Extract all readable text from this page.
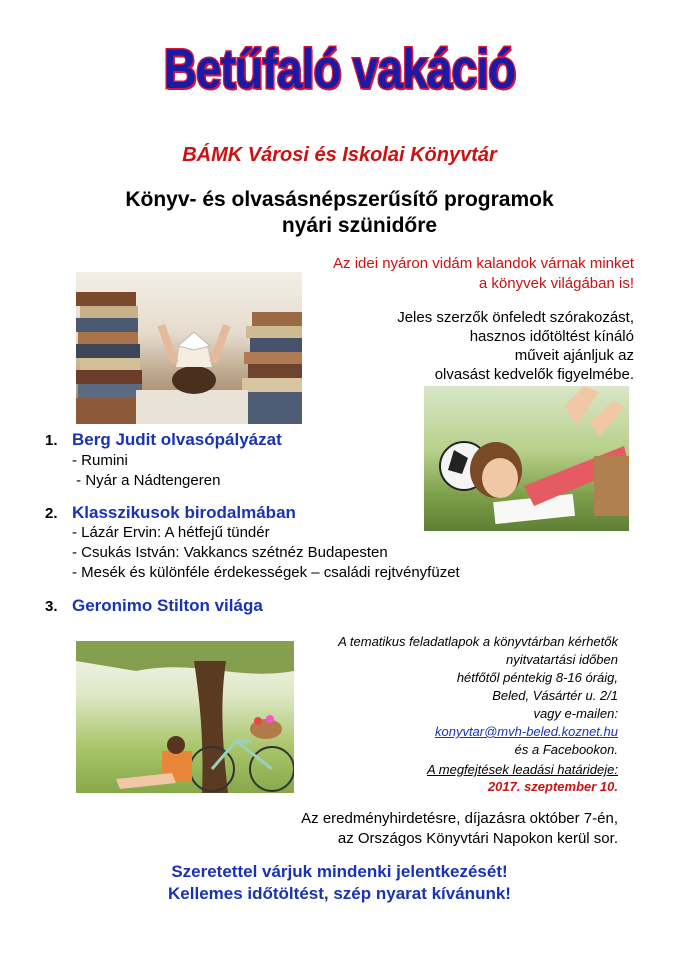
Betűfaló vakáció
BÁMK Városi és Iskolai Könyvtár
Könyv- és olvasásnépszerűsítő programok
nyári szünidőre
Az idei nyáron vidám kalandok várnak minket
a könyvek világában is!
Jeles szerzők önfeledt szórakozást,
hasznos időtöltést kínáló
műveit ajánljuk az
olvasást kedvelők figyelmébe.
1. Berg Judit olvasópályázat
- Rumini
- Nyár a Nádtengeren
2. Klasszikusok birodalmában
- Lázár Ervin: A hétfejű tündér
- Csukás István: Vakkancs szétnéz Budapesten
- Mesék és különféle érdekességek – családi rejtvényfüzet
3. Geronimo Stilton világa
A tematikus feladatlapok a könyvtárban kérhetők
nyitvatartási időben
hétfőtől péntekig 8-16 óráig,
Beled, Vásártér u. 2/1
vagy e-mailen:
konyvtar@mvh-beled.koznet.hu
és a Facebookon.
A megfejtések leadási határideje:
2017. szeptember 10.
Az eredményhirdetésre, díjazásra október 7-én,
az Országos Könyvtári Napokon kerül sor.
Szeretettel várjuk mindenki jelentkezését!
Kellemes időtöltést, szép nyarat kívánunk!
